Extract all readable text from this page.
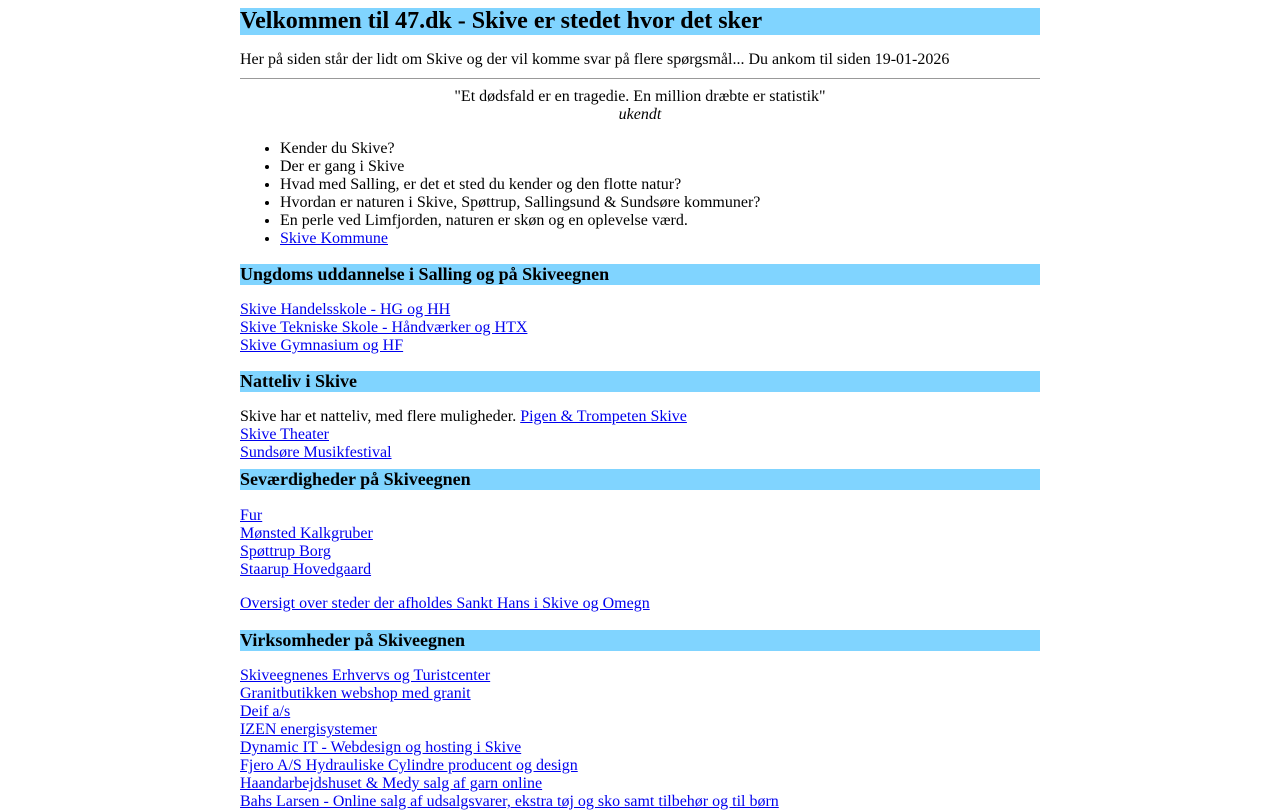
Velkommen til 47.dk - Skive er stedet hvor det sker

Her på siden står der lidt om Skive og der vil komme svar på flere spørgsmål... Du ankom til siden 19-01-2026

"Et dødsfald er en tragedie. En million dræbte er statistik"
ukendt
• Kender du Skive?
• Der er gang i Skive
• Hvad med Salling, er det et sted du kender og den flotte natur?
• Hvordan er naturen i Skive, Spøttrup, Sallingsund & Sundsøre kommuner?
• En perle ved Limfjorden, naturen er skøn og en oplevelse værd.
• Skive Kommune
Ungdoms uddannelse i Salling og på Skiveegnen
Skive Handelsskole - HG og HH
Skive Tekniske Skole - Håndværker og HTX
Skive Gymnasium og HF
Natteliv i Skive
Skive har et natteliv, med flere muligheder. Pigen & Trompeten Skive
Skive Theater
Sundsøre Musikfestival
Seværdigheder på Skiveegnen
Fur
Mønsted Kalkgruber
Spøttrup Borg
Staarup Hovedgaard
Oversigt over steder der afholdes Sankt Hans i Skive og Omegn
Virksomheder på Skiveegnen
Skiveegnenes Erhvervs og Turistcenter
Granitbutikken webshop med granit
Deif a/s
IZEN energisystemer
Dynamic IT - Webdesign og hosting i Skive
Fjero A/S Hydrauliske Cylindre producent og design
Haandarbejdshuset & Medy salg af garn online
Bahs Larsen - Online salg af udsalgsvarer, ekstra tøj og sko samt tilbehør og til børn
